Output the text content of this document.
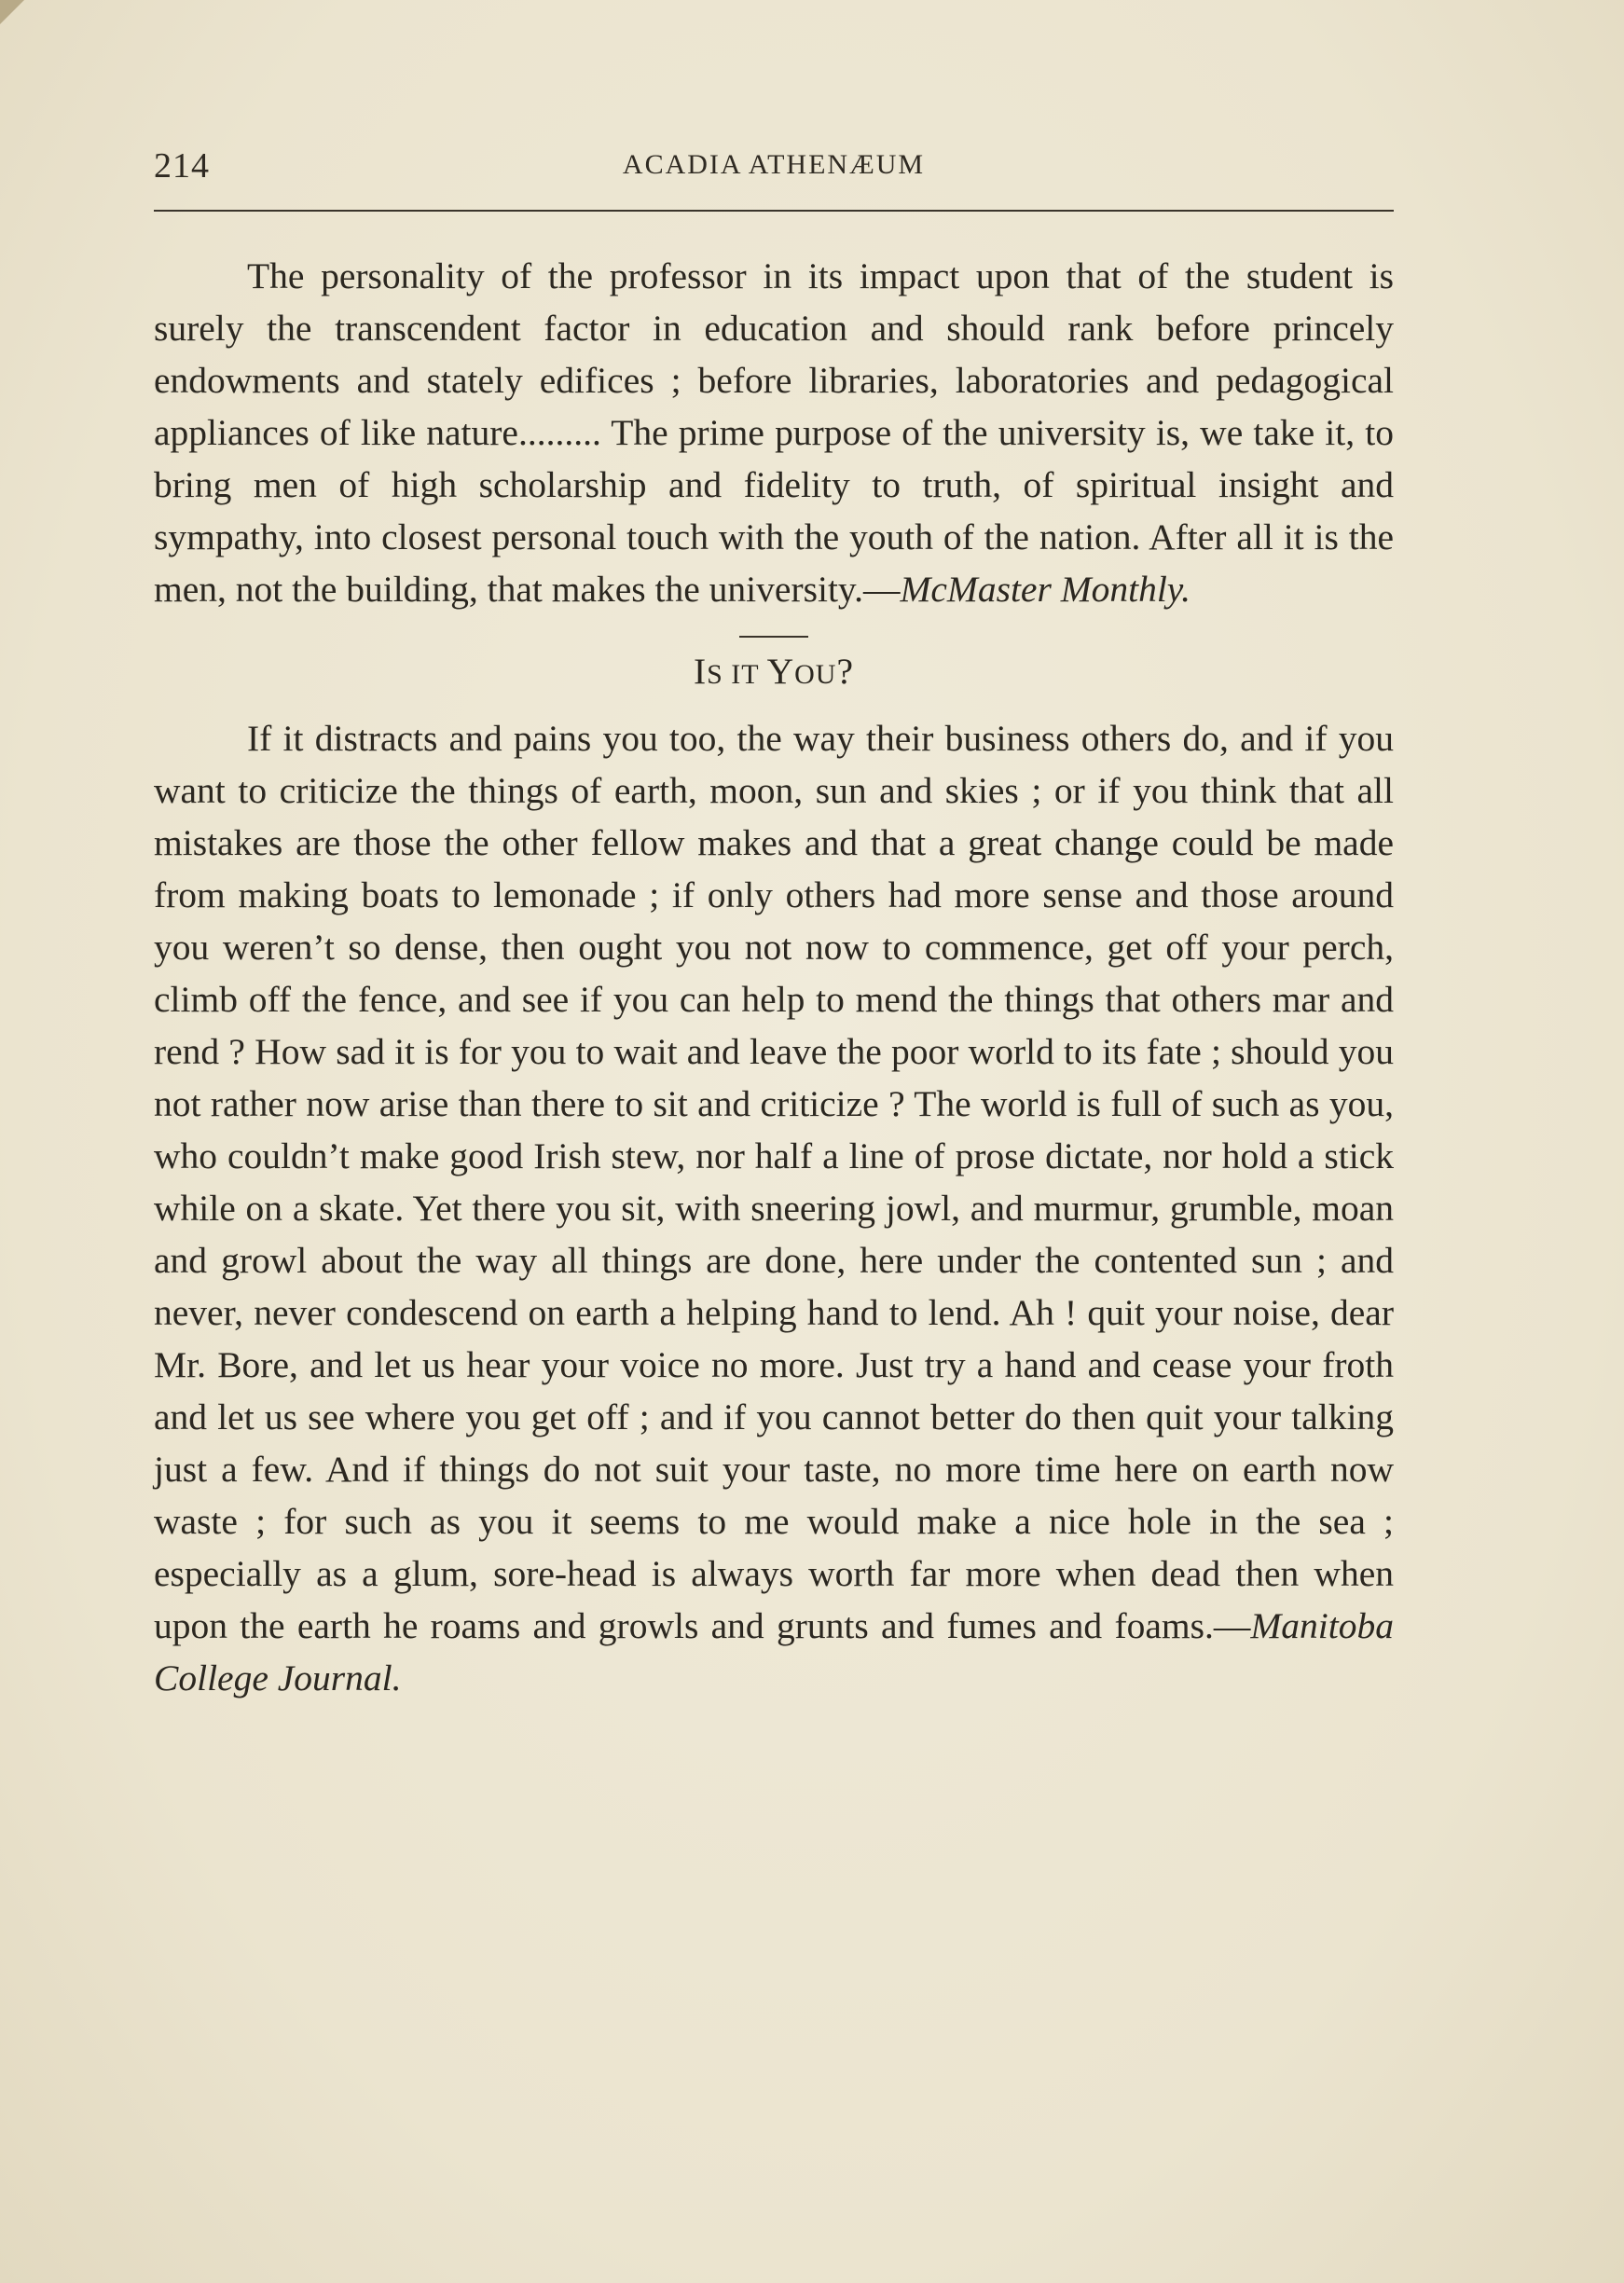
214	ACADIA ATHENÆUM

The personality of the professor in its impact upon that of the student is surely the transcendent factor in education and should rank before princely endowments and stately edifices ; before libraries, laboratories and pedagogical appliances of like nature......... The prime purpose of the university is, we take it, to bring men of high scholarship and fidelity to truth, of spiritual insight and sympathy, into closest personal touch with the youth of the nation. After all it is the men, not the building, that makes the university.—McMaster Monthly.

IS IT YOU?

If it distracts and pains you too, the way their business others do, and if you want to criticize the things of earth, moon, sun and skies ; or if you think that all mistakes are those the other fellow makes and that a great change could be made from making boats to lemonade ; if only others had more sense and those around you weren’t so dense, then ought you not now to commence, get off your perch, climb off the fence, and see if you can help to mend the things that others mar and rend ? How sad it is for you to wait and leave the poor world to its fate ; should you not rather now arise than there to sit and criticize ? The world is full of such as you, who couldn’t make good Irish stew, nor half a line of prose dictate, nor hold a stick while on a skate. Yet there you sit, with sneering jowl, and murmur, grumble, moan and growl about the way all things are done, here under the contented sun ; and never, never condescend on earth a helping hand to lend. Ah ! quit your noise, dear Mr. Bore, and let us hear your voice no more. Just try a hand and cease your froth and let us see where you get off ; and if you cannot better do then quit your talking just a few. And if things do not suit your taste, no more time here on earth now waste ; for such as you it seems to me would make a nice hole in the sea ; especially as a glum, sore-head is always worth far more when dead then when upon the earth he roams and growls and grunts and fumes and foams.—Manitoba College Journal.
